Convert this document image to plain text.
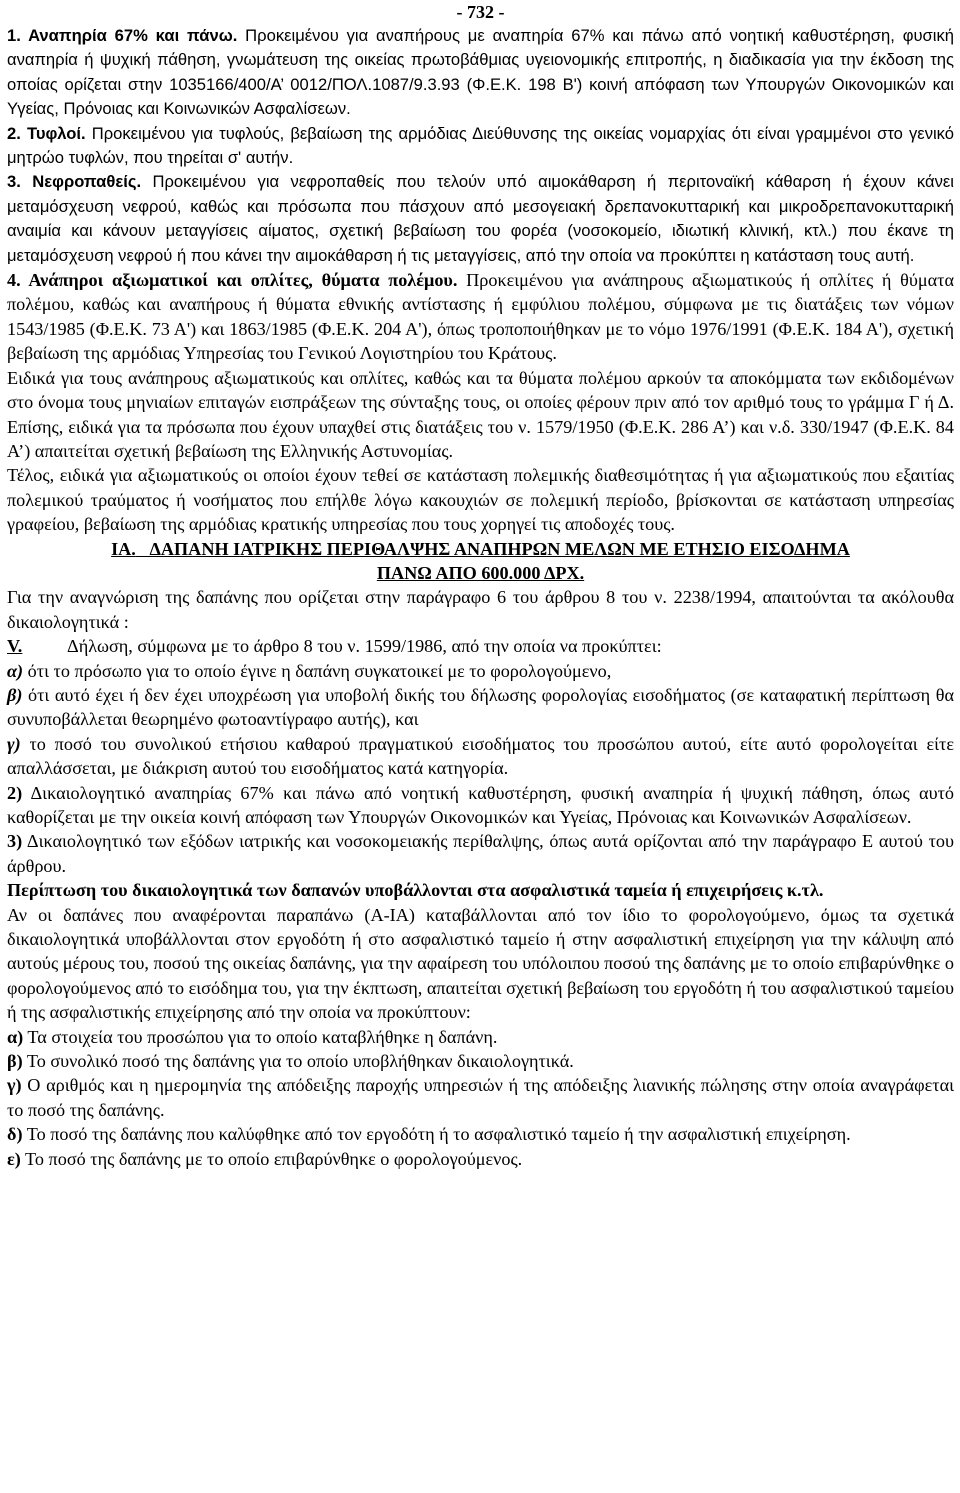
- 732 -

1. Αναπηρία 67% και πάνω. Προκειμένου για αναπήρους με αναπηρία 67% και πάνω από νοητική καθυστέρηση, φυσική αναπηρία ή ψυχική πάθηση, γνωμάτευση της οικείας πρωτοβάθμιας υγειονομικής επιτροπής, η διαδικασία για την έκδοση της οποίας ορίζεται στην 1035166/400/Α’ 0012/ΠΟΛ.1087/9.3.93 (Φ.Ε.Κ. 198 Β') κοινή απόφαση των Υπουργών Οικονομικών και Υγείας, Πρόνοιας και Κοινωνικών Ασφαλίσεων.

2. Τυφλοί. Προκειμένου για τυφλούς, βεβαίωση της αρμόδιας Διεύθυνσης της οικείας νομαρχίας ότι είναι γραμμένοι στο γενικό μητρώο τυφλών, που τηρείται σ' αυτήν.

3. Νεφροπαθείς. Προκειμένου για νεφροπαθείς που τελούν υπό αιμοκάθαρση ή περιτοναϊκή κάθαρση ή έχουν κάνει μεταμόσχευση νεφρού, καθώς και πρόσωπα που πάσχουν από μεσογειακή δρεπανοκυτταρική και μικροδρεπανοκυτταρική αναιμία και κάνουν μεταγγίσεις αίματος, σχετική βεβαίωση του φορέα (νοσοκομείο, ιδιωτική κλινική, κτλ.) που έκανε τη μεταμόσχευση νεφρού ή που κάνει την αιμοκάθαρση ή τις μεταγγίσεις, από την οποία να προκύπτει η κατάσταση τους αυτή.

4. Ανάπηροι αξιωματικοί και οπλίτες, θύματα πολέμου. Προκειμένου για ανάπηρους αξιωματικούς ή οπλίτες ή θύματα πολέμου, καθώς και αναπήρους ή θύματα εθνικής αντίστασης ή εμφύλιου πολέμου, σύμφωνα με τις διατάξεις των νόμων 1543/1985 (Φ.Ε.Κ. 73 Α') και 1863/1985 (Φ.Ε.Κ. 204 Α'), όπως τροποποιήθηκαν με το νόμο 1976/1991 (Φ.Ε.Κ. 184 Α'), σχετική βεβαίωση της αρμόδιας Υπηρεσίας του Γενικού Λογιστηρίου του Κράτους.

Ειδικά για τους ανάπηρους αξιωματικούς και οπλίτες, καθώς και τα θύματα πολέμου αρκούν τα αποκόμματα των εκδιδομένων στο όνομα τους μηνιαίων επιταγών εισπράξεων της σύνταξης τους, οι οποίες φέρουν πριν από τον αριθμό τους το γράμμα Γ ή Δ. Επίσης, ειδικά για τα πρόσωπα που έχουν υπαχθεί στις διατάξεις του ν. 1579/1950 (Φ.Ε.Κ. 286 Α’) και ν.δ. 330/1947 (Φ.Ε.Κ. 84 Α’) απαιτείται σχετική βεβαίωση της Ελληνικής Αστυνομίας.

Τέλος, ειδικά για αξιωματικούς οι οποίοι έχουν τεθεί σε κατάσταση πολεμικής διαθεσιμότητας ή για αξιωματικούς που εξαιτίας πολεμικού τραύματος ή νοσήματος που επήλθε λόγω κακουχιών σε πολεμική περίοδο, βρίσκονται σε κατάσταση υπηρεσίας γραφείου, βεβαίωση της αρμόδιας κρατικής υπηρεσίας που τους χορηγεί τις αποδοχές τους.

ΙΑ. ΔΑΠΑΝΗ ΙΑΤΡΙΚΗΣ ΠΕΡΙΘΑΛΨΗΣ ΑΝΑΠΗΡΩΝ ΜΕΛΩΝ ΜΕ ΕΤΗΣΙΟ ΕΙΣΟΔΗΜΑ
ΠΑΝΩ ΑΠΟ 600.000 ΔΡΧ.

Για την αναγνώριση της δαπάνης που ορίζεται στην παράγραφο 6 του άρθρου 8 του ν. 2238/1994, απαιτούνται τα ακόλουθα δικαιολογητικά :

V. Δήλωση, σύμφωνα με το άρθρο 8 του ν. 1599/1986, από την οποία να προκύπτει:

α) ότι το πρόσωπο για το οποίο έγινε η δαπάνη συγκατοικεί με το φορολογούμενο,

β) ότι αυτό έχει ή δεν έχει υποχρέωση για υποβολή δικής του δήλωσης φορολογίας εισοδήματος (σε καταφατική περίπτωση θα συνυποβάλλεται θεωρημένο φωτοαντίγραφο αυτής), και

γ) το ποσό του συνολικού ετήσιου καθαρού πραγματικού εισοδήματος του προσώπου αυτού, είτε αυτό φορολογείται είτε απαλλάσσεται, με διάκριση αυτού του εισοδήματος κατά κατηγορία.

2) Δικαιολογητικό αναπηρίας 67% και πάνω από νοητική καθυστέρηση, φυσική αναπηρία ή ψυχική πάθηση, όπως αυτό καθορίζεται με την οικεία κοινή απόφαση των Υπουργών Οικονομικών και Υγείας, Πρόνοιας και Κοινωνικών Ασφαλίσεων.

3) Δικαιολογητικό των εξόδων ιατρικής και νοσοκομειακής περίθαλψης, όπως αυτά ορίζονται από την παράγραφο Ε αυτού του άρθρου.

Περίπτωση του δικαιολογητικά των δαπανών υποβάλλονται στα ασφαλιστικά ταμεία ή επιχειρήσεις κ.τλ.

Αν οι δαπάνες που αναφέρονται παραπάνω (Α-ΙΑ) καταβάλλονται από τον ίδιο το φορολογούμενο, όμως τα σχετικά δικαιολογητικά υποβάλλονται στον εργοδότη ή στο ασφαλιστικό ταμείο ή στην ασφαλιστική επιχείρηση για την κάλυψη από αυτούς μέρους του, ποσού της οικείας δαπάνης, για την αφαίρεση του υπόλοιπου ποσού της δαπάνης με το οποίο επιβαρύνθηκε ο φορολογούμενος από το εισόδημα του, για την έκπτωση, απαιτείται σχετική βεβαίωση του εργοδότη ή του ασφαλιστικού ταμείου ή της ασφαλιστικής επιχείρησης από την οποία να προκύπτουν:

α) Τα στοιχεία του προσώπου για το οποίο καταβλήθηκε η δαπάνη.

β) Το συνολικό ποσό της δαπάνης για το οποίο υποβλήθηκαν δικαιολογητικά.

γ) Ο αριθμός και η ημερομηνία της απόδειξης παροχής υπηρεσιών ή της απόδειξης λιανικής πώλησης στην οποία αναγράφεται το ποσό της δαπάνης.

δ) Το ποσό της δαπάνης που καλύφθηκε από τον εργοδότη ή το ασφαλιστικό ταμείο ή την ασφαλιστική επιχείρηση.

ε) Το ποσό της δαπάνης με το οποίο επιβαρύνθηκε ο φορολογούμενος.
